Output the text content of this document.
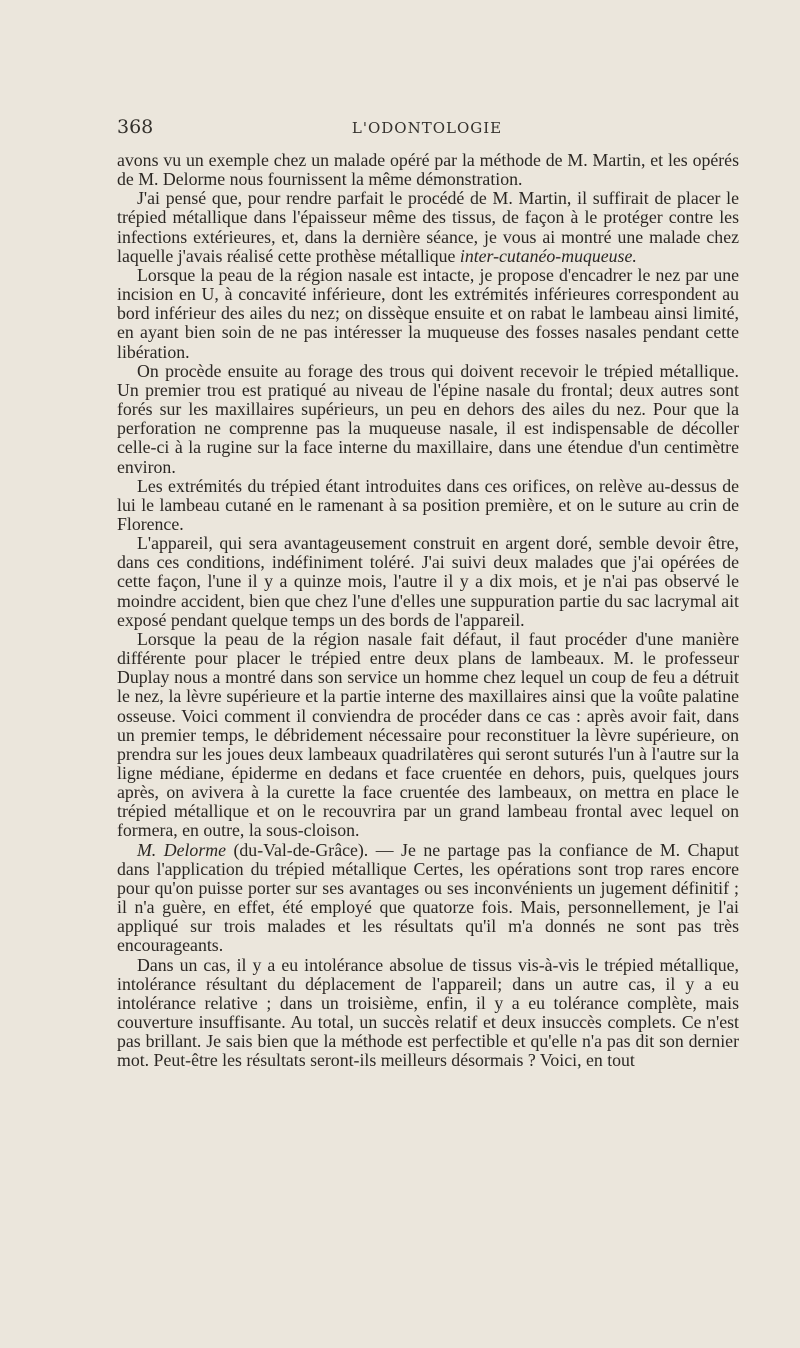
368	L'ODONTOLOGIE

avons vu un exemple chez un malade opéré par la méthode de M. Martin, et les opérés de M. Delorme nous fournissent la même démonstration.

J'ai pensé que, pour rendre parfait le procédé de M. Martin, il suffirait de placer le trépied métallique dans l'épaisseur même des tissus, de façon à le protéger contre les infections extérieures, et, dans la dernière séance, je vous ai montré une malade chez laquelle j'avais réalisé cette prothèse métallique inter-cutanéo-muqueuse.

Lorsque la peau de la région nasale est intacte, je propose d'encadrer le nez par une incision en U, à concavité inférieure, dont les extrémités inférieures correspondent au bord inférieur des ailes du nez; on dissèque ensuite et on rabat le lambeau ainsi limité, en ayant bien soin de ne pas intéresser la muqueuse des fosses nasales pendant cette libération.

On procède ensuite au forage des trous qui doivent recevoir le trépied métallique. Un premier trou est pratiqué au niveau de l'épine nasale du frontal; deux autres sont forés sur les maxillaires supérieurs, un peu en dehors des ailes du nez. Pour que la perforation ne comprenne pas la muqueuse nasale, il est indispensable de décoller celle-ci à la rugine sur la face interne du maxillaire, dans une étendue d'un centimètre environ.

Les extrémités du trépied étant introduites dans ces orifices, on relève au-dessus de lui le lambeau cutané en le ramenant à sa position première, et on le suture au crin de Florence.

L'appareil, qui sera avantageusement construit en argent doré, semble devoir être, dans ces conditions, indéfiniment toléré. J'ai suivi deux malades que j'ai opérées de cette façon, l'une il y a quinze mois, l'autre il y a dix mois, et je n'ai pas observé le moindre accident, bien que chez l'une d'elles une suppuration partie du sac lacrymal ait exposé pendant quelque temps un des bords de l'appareil.

Lorsque la peau de la région nasale fait défaut, il faut procéder d'une manière différente pour placer le trépied entre deux plans de lambeaux. M. le professeur Duplay nous a montré dans son service un homme chez lequel un coup de feu a détruit le nez, la lèvre supérieure et la partie interne des maxillaires ainsi que la voûte palatine osseuse. Voici comment il conviendra de procéder dans ce cas : après avoir fait, dans un premier temps, le débridement nécessaire pour reconstituer la lèvre supérieure, on prendra sur les joues deux lambeaux quadrilatères qui seront suturés l'un à l'autre sur la ligne médiane, épiderme en dedans et face cruentée en dehors, puis, quelques jours après, on avivera à la curette la face cruentée des lambeaux, on mettra en place le trépied métallique et on le recouvrira par un grand lambeau frontal avec lequel on formera, en outre, la sous-cloison.

M. Delorme (du-Val-de-Grâce). — Je ne partage pas la confiance de M. Chaput dans l'application du trépied métallique Certes, les opérations sont trop rares encore pour qu'on puisse porter sur ses avantages ou ses inconvénients un jugement définitif ; il n'a guère, en effet, été employé que quatorze fois. Mais, personnellement, je l'ai appliqué sur trois malades et les résultats qu'il m'a donnés ne sont pas très encourageants.

Dans un cas, il y a eu intolérance absolue de tissus vis-à-vis le trépied métallique, intolérance résultant du déplacement de l'appareil; dans un autre cas, il y a eu intolérance relative ; dans un troisième, enfin, il y a eu tolérance complète, mais couverture insuffisante. Au total, un succès relatif et deux insuccès complets. Ce n'est pas brillant. Je sais bien que la méthode est perfectible et qu'elle n'a pas dit son dernier mot. Peut-être les résultats seront-ils meilleurs désormais ? Voici, en tout
